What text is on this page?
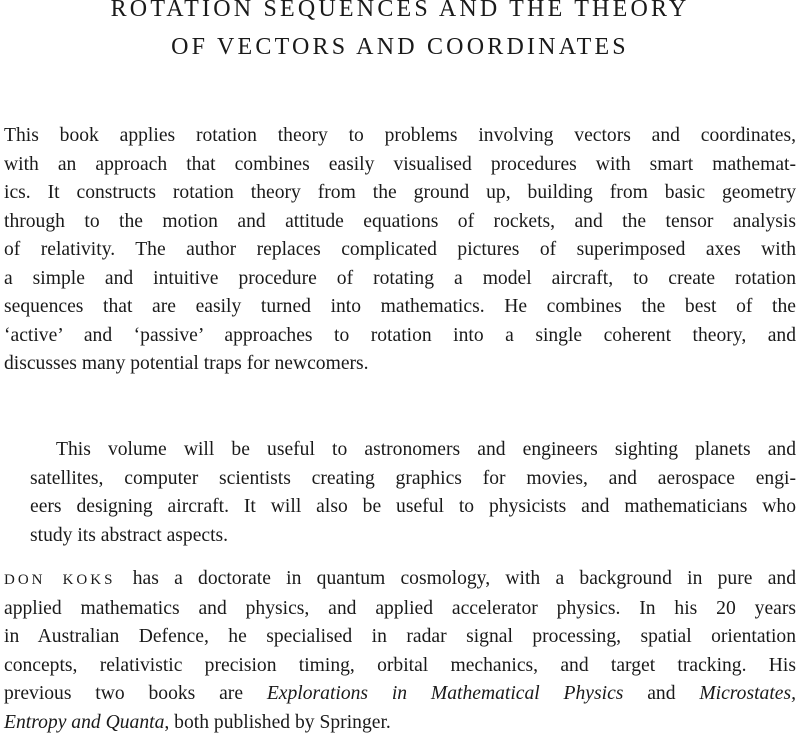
ROTATION SEQUENCES AND THE THEORY
OF VECTORS AND COORDINATES
This book applies rotation theory to problems involving vectors and coordinates,
with an approach that combines easily visualised procedures with smart mathemat-
ics. It constructs rotation theory from the ground up, building from basic geometry
through to the motion and attitude equations of rockets, and the tensor analysis
of relativity. The author replaces complicated pictures of superimposed axes with
a simple and intuitive procedure of rotating a model aircraft, to create rotation
sequences that are easily turned into mathematics. He combines the best of the
‘active’ and ‘passive’ approaches to rotation into a single coherent theory, and
discusses many potential traps for newcomers.
This volume will be useful to astronomers and engineers sighting planets and
satellites, computer scientists creating graphics for movies, and aerospace engi-
eers designing aircraft. It will also be useful to physicists and mathematicians who
study its abstract aspects.
DON KOKS has a doctorate in quantum cosmology, with a background in pure and
applied mathematics and physics, and applied accelerator physics. In his 20 years
in Australian Defence, he specialised in radar signal processing, spatial orientation
concepts, relativistic precision timing, orbital mechanics, and target tracking. His
previous two books are Explorations in Mathematical Physics and Microstates,
Entropy and Quanta, both published by Springer.
